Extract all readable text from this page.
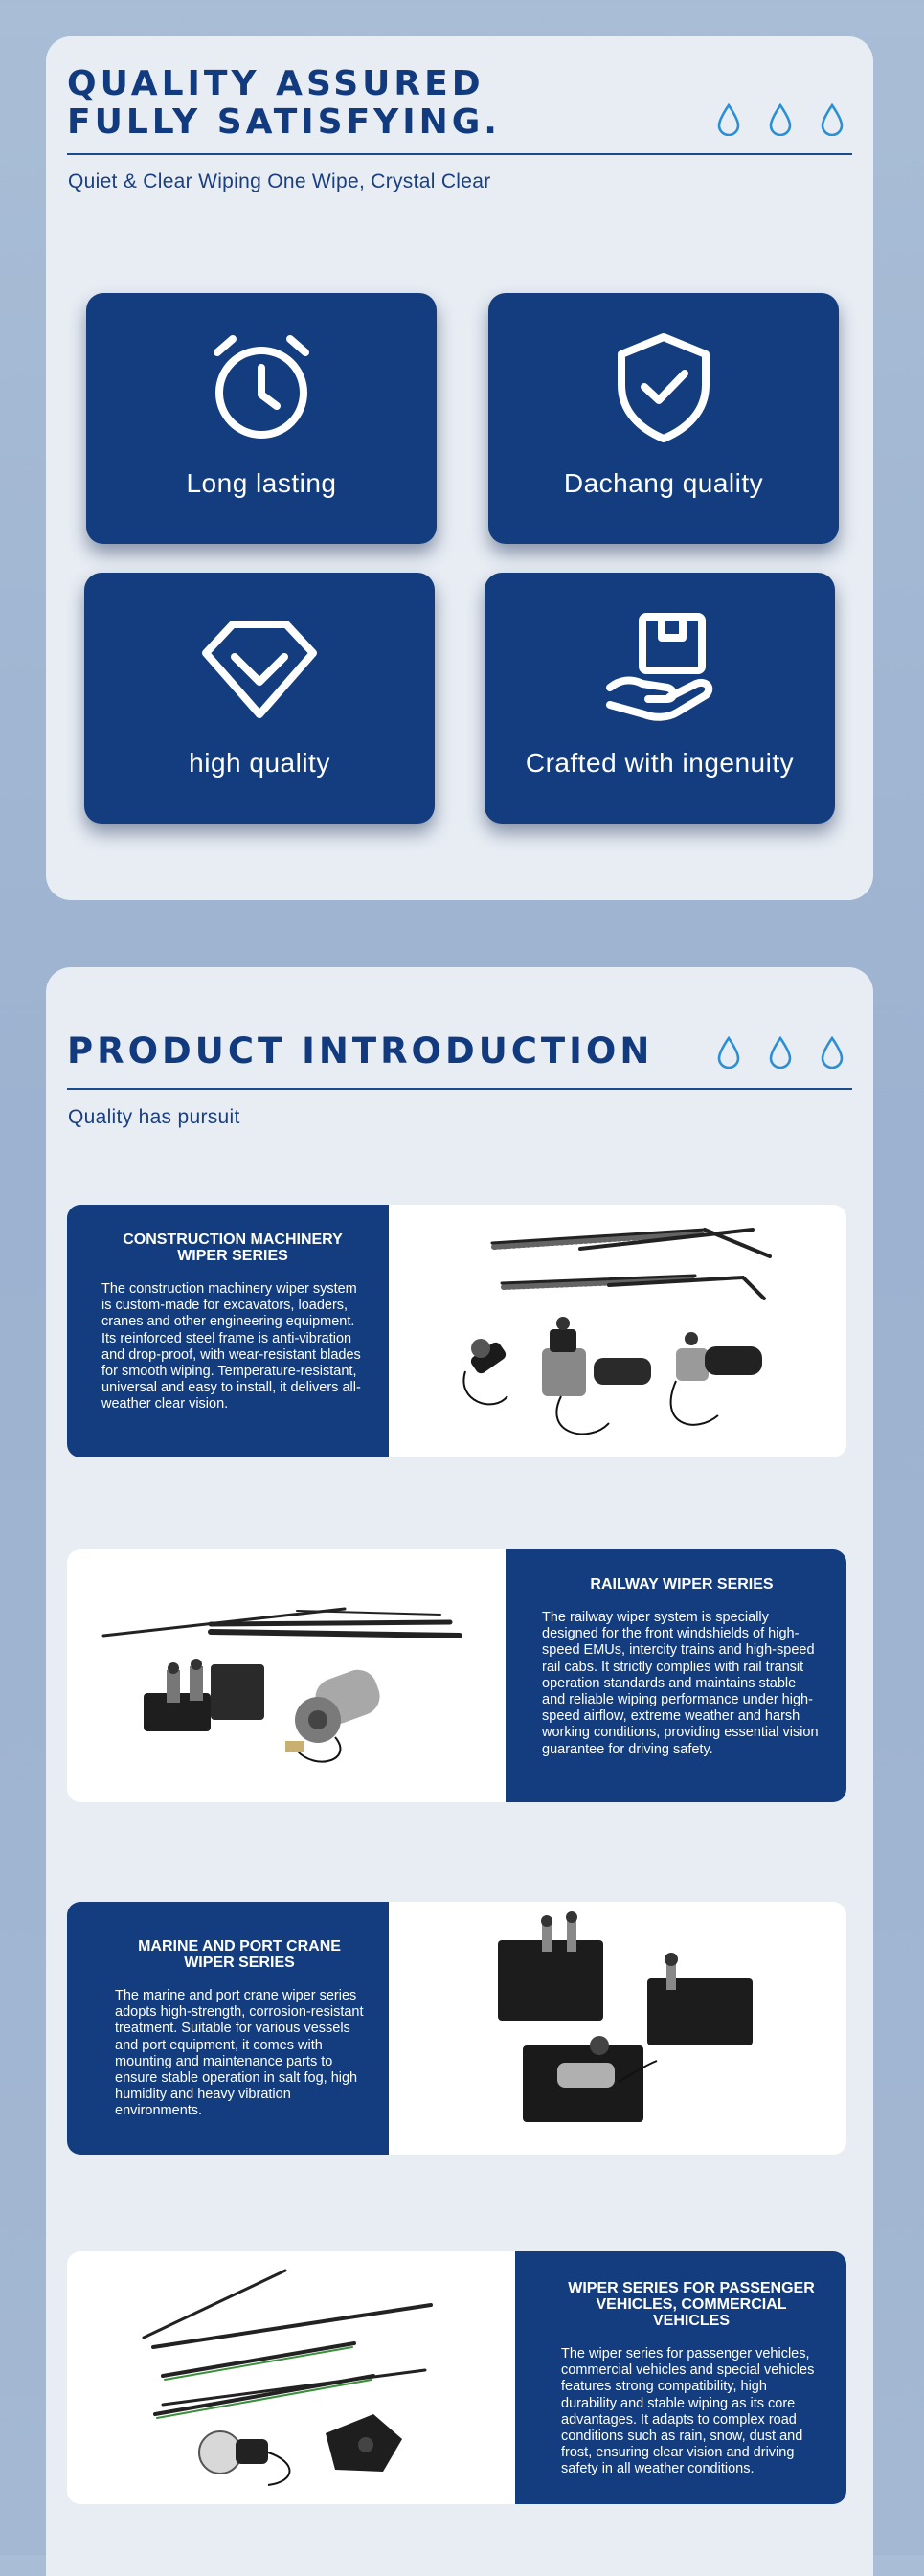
QUALITY ASSURED
FULLY SATISFYING.

Quiet & Clear Wiping One Wipe, Crystal Clear

Long lasting	Dachang quality
high quality	Crafted with ingenuity
PRODUCT INTRODUCTION

Quality has pursuit

CONSTRUCTION MACHINERY WIPER SERIES

The construction machinery wiper system is custom-made for excavators, loaders, cranes and other engineering equipment. Its reinforced steel frame is anti-vibration and drop-proof, with wear-resistant blades for smooth wiping. Temperature-resistant, universal and easy to install, it delivers all-weather clear vision.

RAILWAY WIPER SERIES

The railway wiper system is specially designed for the front windshields of high-speed EMUs, intercity trains and high-speed rail cabs. It strictly complies with rail transit operation standards and maintains stable and reliable wiping performance under high-speed airflow, extreme weather and harsh working conditions, providing essential vision guarantee for driving safety.

MARINE AND PORT CRANE WIPER SERIES

The marine and port crane wiper series adopts high-strength, corrosion-resistant treatment. Suitable for various vessels and port equipment, it comes with mounting and maintenance parts to ensure stable operation in salt fog, high humidity and heavy vibration environments.

WIPER SERIES FOR PASSENGER VEHICLES, COMMERCIAL VEHICLES

The wiper series for passenger vehicles, commercial vehicles and special vehicles features strong compatibility, high durability and stable wiping as its core advantages. It adapts to complex road conditions such as rain, snow, dust and frost, ensuring clear vision and driving safety in all weather conditions.
